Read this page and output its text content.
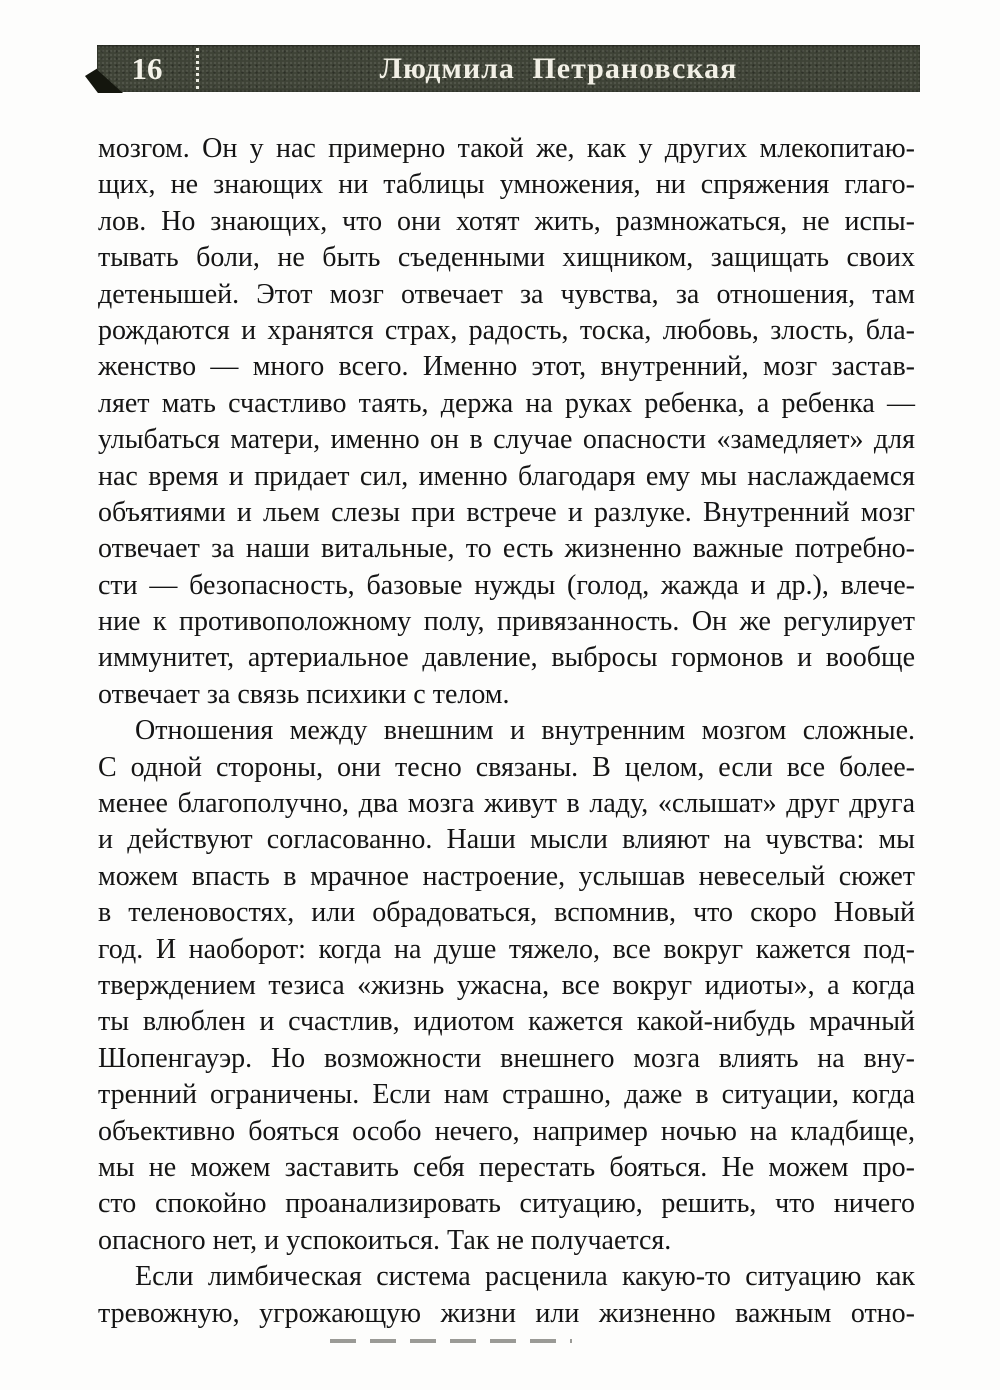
16	Людмила Петрановская
мозгом. Он у нас примерно такой же, как у других млекопитаю-
щих, не знающих ни таблицы умножения, ни спряжения глаго-
лов. Но знающих, что они хотят жить, размножаться, не испы-
тывать боли, не быть съеденными хищником, защищать своих
детенышей. Этот мозг отвечает за чувства, за отношения, там
рождаются и хранятся страх, радость, тоска, любовь, злость, бла-
женство — много всего. Именно этот, внутренний, мозг застав-
ляет мать счастливо таять, держа на руках ребенка, а ребенка —
улыбаться матери, именно он в случае опасности «замедляет» для
нас время и придает сил, именно благодаря ему мы наслаждаемся
объятиями и льем слезы при встрече и разлуке. Внутренний мозг
отвечает за наши витальные, то есть жизненно важные потребно-
сти — безопасность, базовые нужды (голод, жажда и др.), влече-
ние к противоположному полу, привязанность. Он же регулирует
иммунитет, артериальное давление, выбросы гормонов и вообще
отвечает за связь психики с телом.
Отношения между внешним и внутренним мозгом сложные.
С одной стороны, они тесно связаны. В целом, если все более-
менее благополучно, два мозга живут в ладу, «слышат» друг друга
и действуют согласованно. Наши мысли влияют на чувства: мы
можем впасть в мрачное настроение, услышав невеселый сюжет
в теленовостях, или обрадоваться, вспомнив, что скоро Новый
год. И наоборот: когда на душе тяжело, все вокруг кажется под-
тверждением тезиса «жизнь ужасна, все вокруг идиоты», а когда
ты влюблен и счастлив, идиотом кажется какой-нибудь мрачный
Шопенгауэр. Но возможности внешнего мозга влиять на вну-
тренний ограничены. Если нам страшно, даже в ситуации, когда
объективно бояться особо нечего, например ночью на кладбище,
мы не можем заставить себя перестать бояться. Не можем про-
сто спокойно проанализировать ситуацию, решить, что ничего
опасного нет, и успокоиться. Так не получается.
Если лимбическая система расценила какую-то ситуацию как
тревожную, угрожающую жизни или жизненно важным отно-
